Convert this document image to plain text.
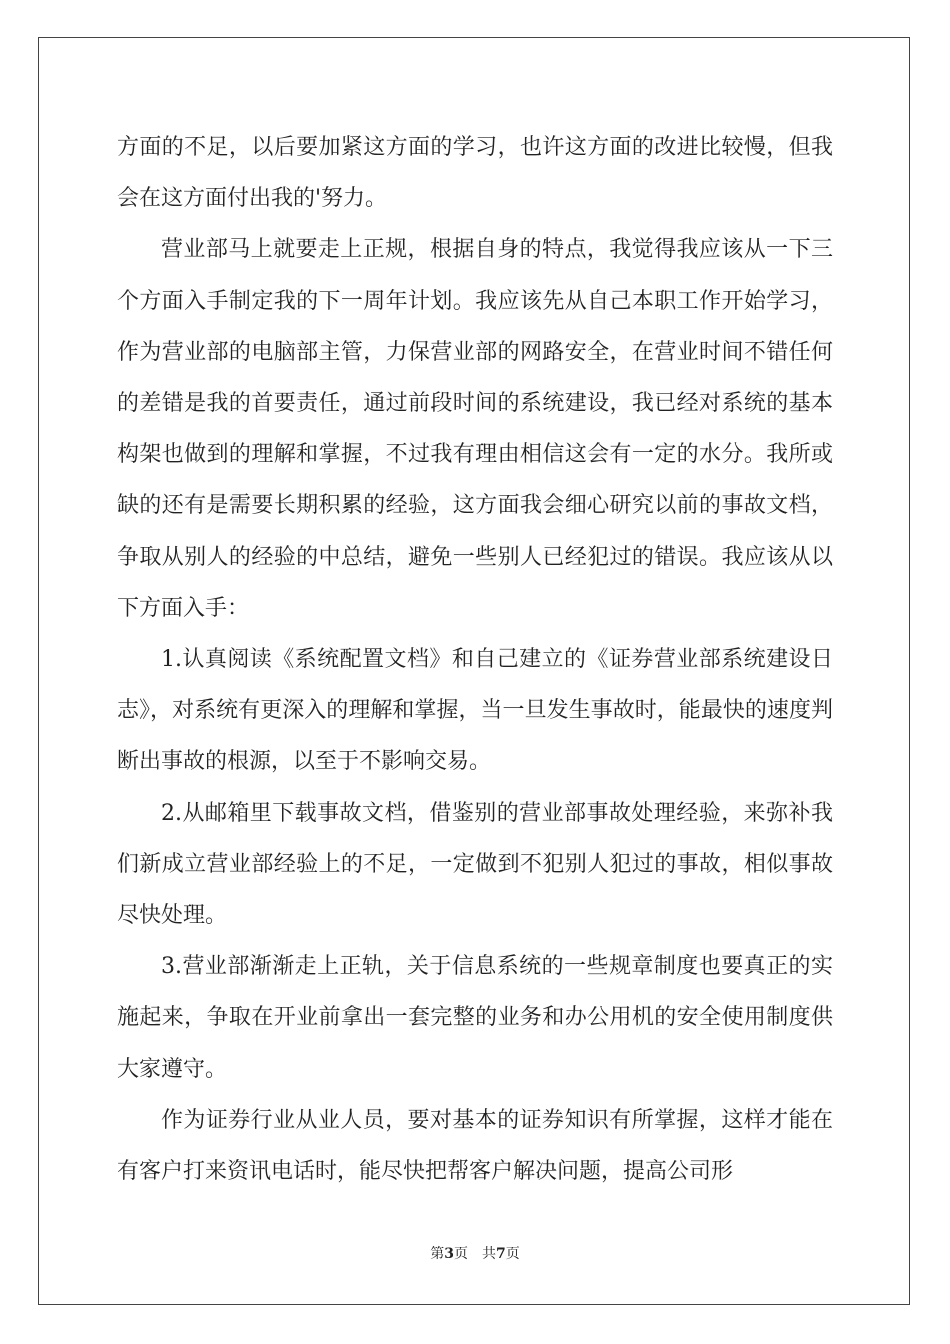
方面的不足，以后要加紧这方面的学习，也许这方面的改进比较慢，但我会在这方面付出我的'努力。

营业部马上就要走上正规，根据自身的特点，我觉得我应该从一下三个方面入手制定我的下一周年计划。我应该先从自己本职工作开始学习，作为营业部的电脑部主管，力保营业部的网路安全，在营业时间不错任何的差错是我的首要责任，通过前段时间的系统建设，我已经对系统的基本构架也做到的理解和掌握，不过我有理由相信这会有一定的水分。我所或缺的还有是需要长期积累的经验，这方面我会细心研究以前的事故文档，争取从别人的经验的中总结，避免一些别人已经犯过的错误。我应该从以下方面入手：

1.认真阅读《系统配置文档》和自己建立的《证券营业部系统建设日志》，对系统有更深入的理解和掌握，当一旦发生事故时，能最快的速度判断出事故的根源，以至于不影响交易。

2.从邮箱里下载事故文档，借鉴别的营业部事故处理经验，来弥补我们新成立营业部经验上的不足，一定做到不犯别人犯过的事故，相似事故尽快处理。

3.营业部渐渐走上正轨，关于信息系统的一些规章制度也要真正的实施起来，争取在开业前拿出一套完整的业务和办公用机的安全使用制度供大家遵守。

作为证券行业从业人员，要对基本的证券知识有所掌握，这样才能在有客户打来资讯电话时，能尽快把帮客户解决问题，提高公司形

第3页 共7页
